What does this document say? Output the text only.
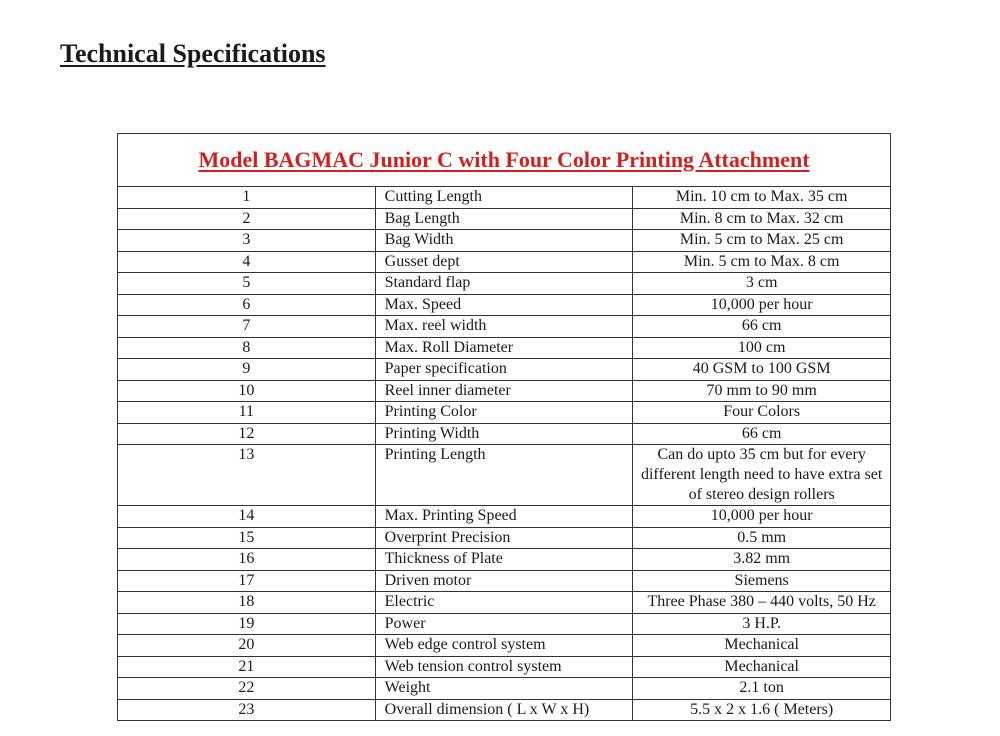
Technical Specifications
Model BAGMAC Junior C with Four Color Printing Attachment		
1	Cutting Length	Min. 10 cm to Max. 35 cm
2	Bag Length	Min. 8 cm to Max. 32 cm
3	Bag Width	Min. 5 cm to Max. 25 cm
4	Gusset dept	Min. 5 cm to Max. 8 cm
5	Standard flap	3 cm
6	Max. Speed	10,000 per hour
7	Max. reel width	66 cm
8	Max. Roll Diameter	100 cm
9	Paper specification	40 GSM to 100 GSM
10	Reel inner diameter	70 mm to 90 mm
11	Printing Color	Four Colors
12	Printing Width	66 cm
13	Printing Length	Can do upto 35 cm but for every different length need to have extra set of stereo design rollers
14	Max. Printing Speed	10,000 per hour
15	Overprint Precision	0.5 mm
16	Thickness of Plate	3.82 mm
17	Driven motor	Siemens
18	Electric	Three Phase 380 – 440 volts, 50 Hz
19	Power	3 H.P.
20	Web edge control system	Mechanical
21	Web tension control system	Mechanical
22	Weight	2.1 ton
23	Overall dimension ( L x W x H)	5.5 x 2 x 1.6 ( Meters)
